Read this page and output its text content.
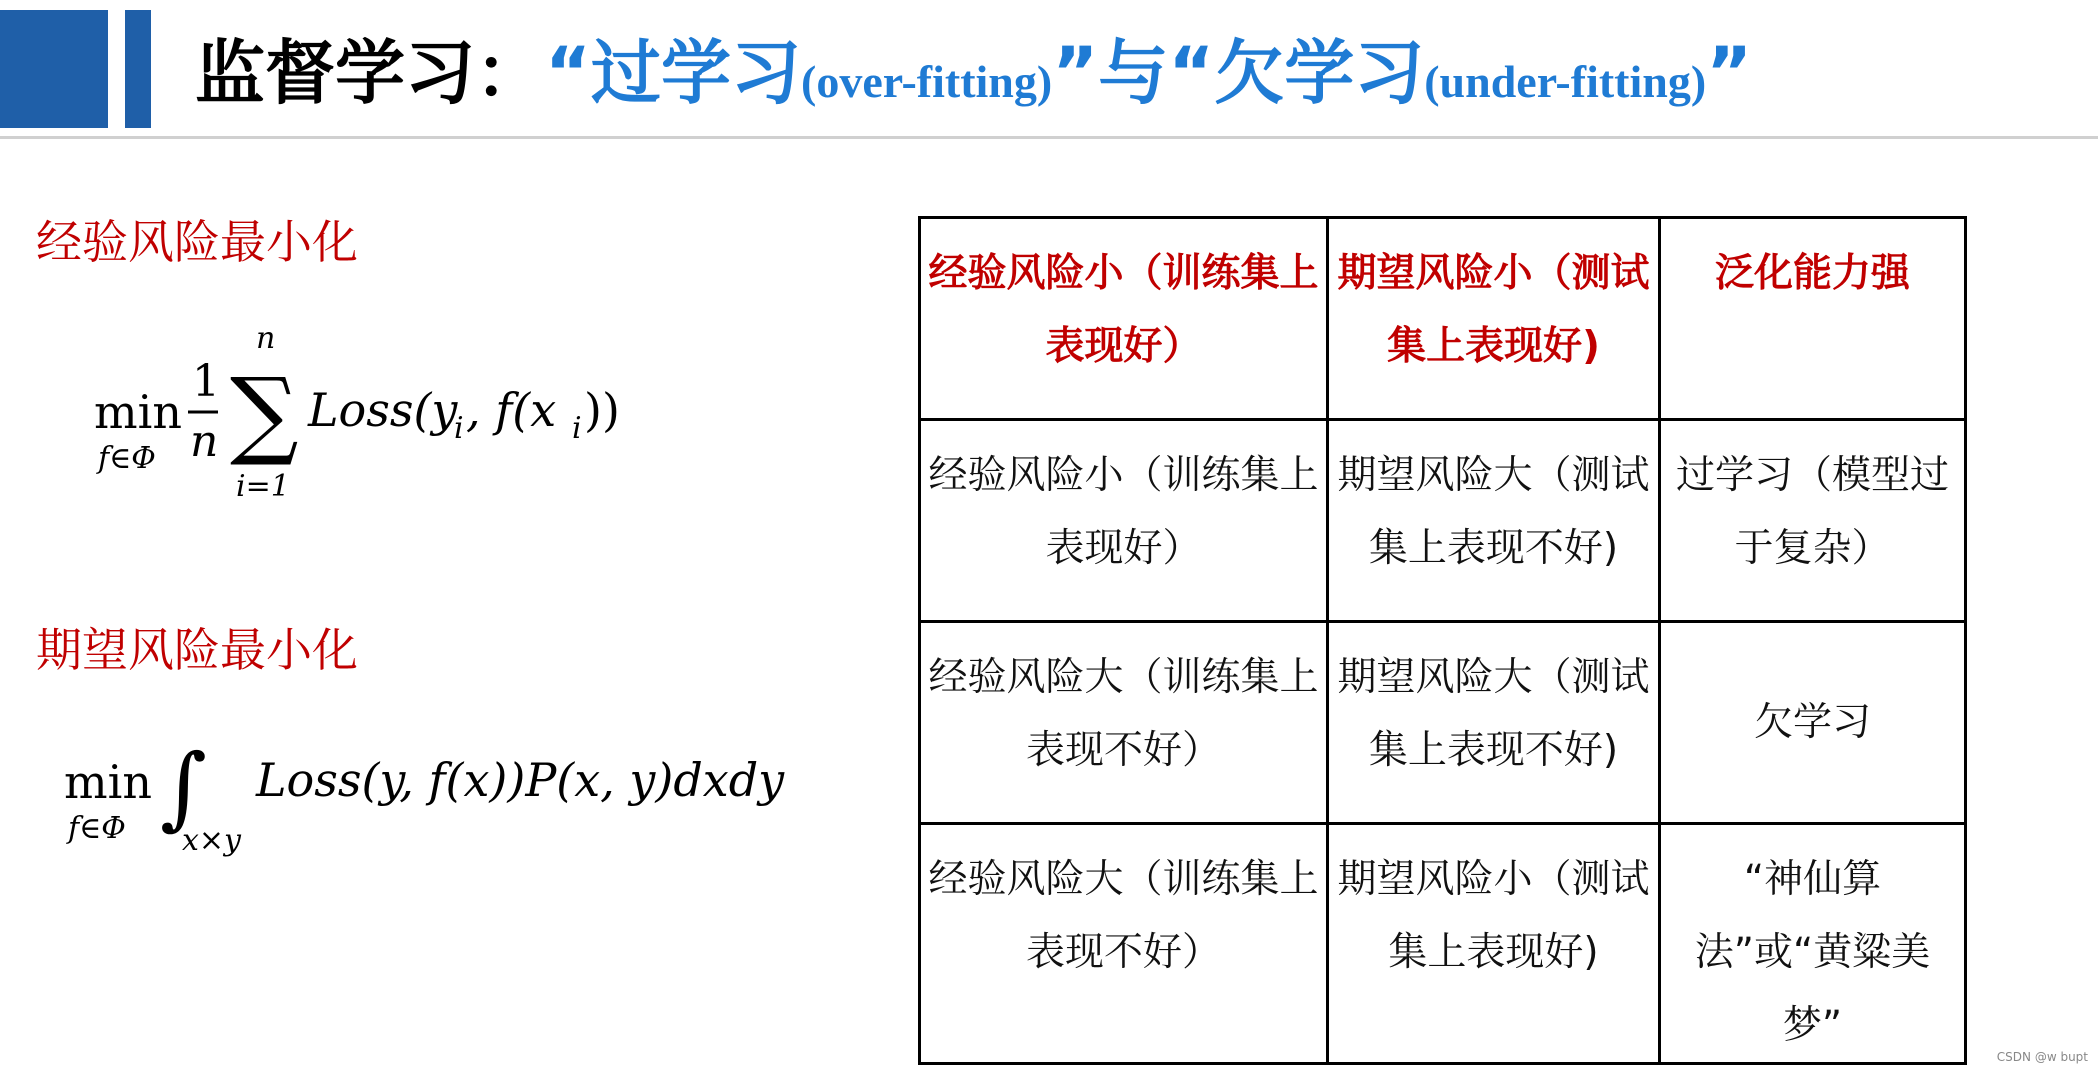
监督学习：“过学习(over-fitting)”与“欠学习(under-fitting)”
经验风险最小化
min
f∈Φ
1
n
n
∑
i=1
Loss(y
i , f(x i ))
期望风险最小化
min
f∈Φ ∫
x×y
Loss(y, f(x))P(x, y)dxdy
经验风险小（训练集上表现好）	期望风险小（测试集上表现好)	泛化能力强
经验风险小（训练集上表现好）	期望风险大（测试集上表现不好)	过学习（模型过于复杂）
经验风险大（训练集上表现不好）	期望风险大（测试集上表现不好)	欠学习
经验风险大（训练集上表现不好）	期望风险小（测试集上表现好)	“神仙算法”或“黄粱美梦”
CSDN @w bupt
